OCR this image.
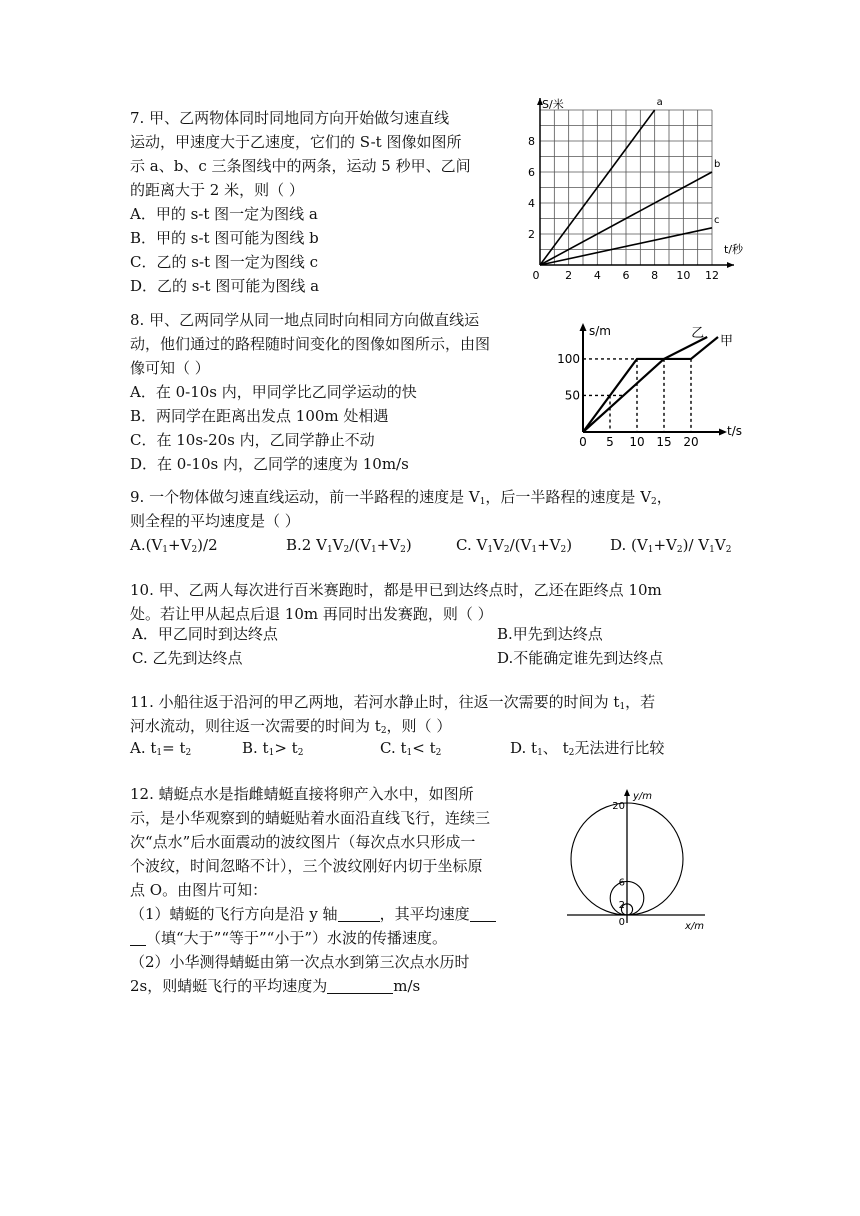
7. 甲、乙两物体同时同地同方向开始做匀速直线

运动，甲速度大于乙速度，它们的 S-t 图像如图所

示 a、b、c 三条图线中的两条，运动 5 秒甲、乙间

的距离大于 2 米，则（ ）

A．甲的 s-t 图一定为图线 a

B．甲的 s-t 图可能为图线 b

C．乙的 s-t 图一定为图线 c

D．乙的 s-t 图可能为图线 a

0 2 4 6 8 10 12
2
4
6
8
S/米
t/秒
a
b
c

8. 甲、乙两同学从同一地点同时向相同方向做直线运

动，他们通过的路程随时间变化的图像如图所示，由图

像可知（ ）

A．在 0-10s 内，甲同学比乙同学运动的快

B．两同学在距离出发点 100m 处相遇

C．在 10s-20s 内，乙同学静止不动

D．在 0-10s 内，乙同学的速度为 10m/s

0 5 10 15 20
50
100
s/m
t/s
乙
甲

9. 一个物体做匀速直线运动，前一半路程的速度是 $V_1$，后一半路程的速度是 $V_2$，

则全程的平均速度是（ ）

$A.(V_1+V_2)/2$	B.2 $V_1V_2/(V_1+V_2)$	C. $V_1V_2/(V_1+V_2)$	D. $(V_1+V_2)/$ $V_1V_2$

10. 甲、乙两人每次进行百米赛跑时，都是甲已到达终点时，乙还在距终点 10m

处。若让甲从起点后退 10m 再同时出发赛跑，则（ ）

A．甲乙同时到达终点	B.甲先到达终点
C. 乙先到达终点	D.不能确定谁先到达终点

11. 小船往返于沿河的甲乙两地，若河水静止时，往返一次需要的时间为 $t_1$，若

河水流动，则往返一次需要的时间为 $t_2$，则（ ）

A. $t_1= t_2$	B. $t_1> t_2$	C. $t_1< t_2$	D. $t_1$、 $t_2$无法进行比较

12. 蜻蜓点水是指雌蜻蜓直接将卵产入水中，如图所

示，是小华观察到的蜻蜓贴着水面沿直线飞行，连续三

次“点水”后水面震动的波纹图片（每次点水只形成一

个波纹，时间忽略不计），三个波纹刚好内切于坐标原

点 O。由图片可知：

（1）蜻蜓的飞行方向是沿 y 轴	，其平均速度

（填“大于”“等于”“小于”）水波的传播速度。

（2）小华测得蜻蜓由第一次点水到第三次点水历时

2s，则蜻蜓飞行的平均速度为	m/s

2
6
20
0
y/m
x/m
